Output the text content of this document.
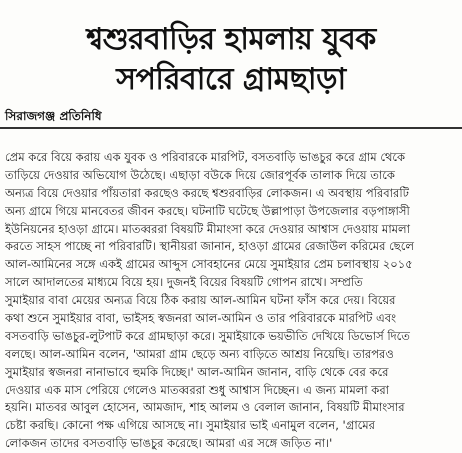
শ্বশুরবাড়ির হামলায় যুবক
সপরিবারে গ্রামছাড়া
সিরাজগঞ্জ প্রতিনিধি
প্রেম করে বিয়ে করায় এক যুবক ও পরিবারকে মারপিট, বসতবাড়ি ভাঙচুর করে গ্রাম থেকে
তাড়িয়ে দেওয়ার অভিযোগ উঠেছে। এছাড়া বউকে দিয়ে জোরপূর্বক তালাক দিয়ে তাকে
অন্যত্র বিয়ে দেওয়ার পাঁয়তারা করছেও করছে শ্বশুরবাড়ির লোকজন। এ অবস্থায় পরিবারটি
অন্য গ্রামে গিয়ে মানবেতর জীবন করছে। ঘটনাটি ঘটেছে উল্লাপাড়া উপজেলার বড়পাঙ্গাসী
ইউনিয়নের হাওড়া গ্রামে। মাতব্বররা বিষয়টি মীমাংসা করে দেওয়ার আশ্বাস দেওয়ায় মামলা
করতে সাহস পাচ্ছে না পরিবারটি। স্থানীয়রা জানান, হাওড়া গ্রামের রেজাউল করিমের ছেলে
আল-আমিনের সঙ্গে একই গ্রামের আব্দুস সোবহানের মেয়ে সুমাইয়ার প্রেম চলাবস্থায় ২০১৫
সালে আদালতের মাধ্যমে বিয়ে হয়। দুজনই বিয়ের বিষয়টি গোপন রাখে। সম্প্রতি
সুমাইয়ার বাবা মেয়ের অন্যত্র বিয়ে ঠিক করায় আল-আমিন ঘটনা ফাঁস করে দেয়। বিয়ের
কথা শুনে সুমাইয়ার বাবা, ভাইসহ স্বজনরা আল-আমিন ও তার পরিবারকে মারপিট এবং
বসতবাড়ি ভাঙচুর-লুটপাট করে গ্রামছাড়া করে। সুমাইয়াকে ভয়ভীতি দেখিয়ে ডিভোর্স দিতে
বলছে। আল-আমিন বলেন, 'আমরা গ্রাম ছেড়ে অন্য বাড়িতে আশ্রয় নিয়েছি। তারপরও
সুমাইয়ার স্বজনরা নানাভাবে হুমকি দিচ্ছে।' আল-আমিন জানান, বাড়ি থেকে বের করে
দেওয়ার এক মাস পেরিয়ে গেলেও মাতব্বররা শুধু আশ্বাস দিচ্ছেন। এ জন্য মামলা করা
হয়নি। মাতবর আবুল হোসেন, আমজাদ, শাহ আলম ও বেলাল জানান, বিষয়টি মীমাংসার
চেষ্টা করছি। কোনো পক্ষ এগিয়ে আসছে না। সুমাইয়ার ভাই এনামুল বলেন, 'গ্রামের
লোকজন তাদের বসতবাড়ি ভাঙচুর করেছে। আমরা এর সঙ্গে জড়িত না।'
